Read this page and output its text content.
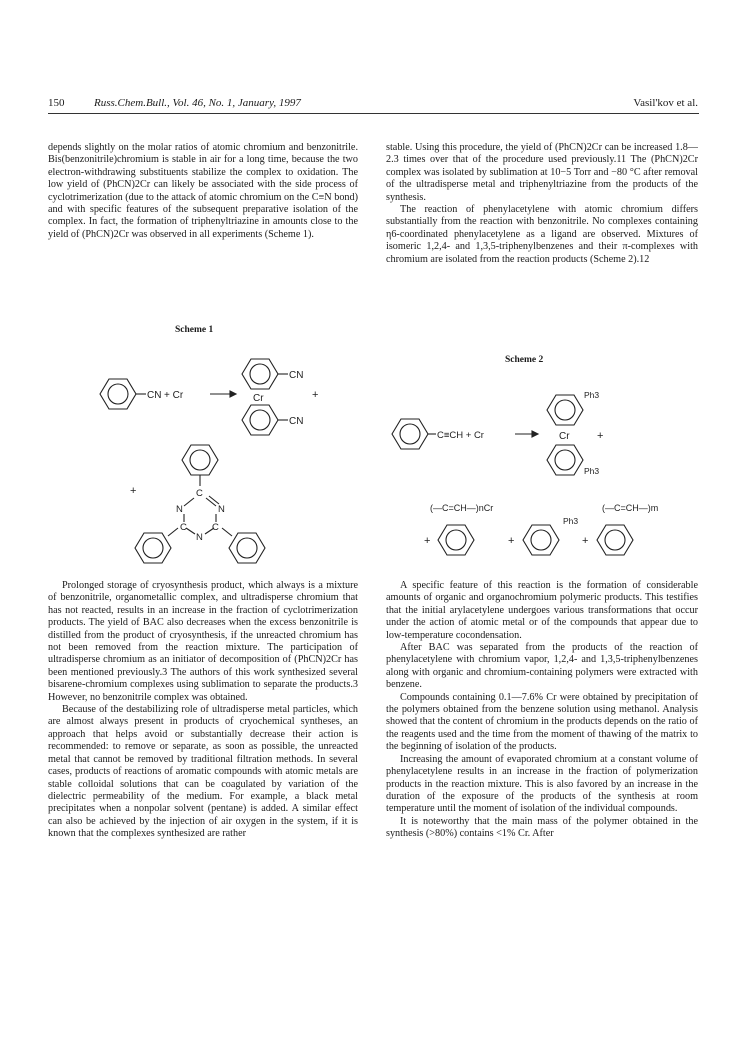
150	Russ.Chem.Bull., Vol. 46, No. 1, January, 1997	Vasil'kov et al.

depends slightly on the molar ratios of atomic chromium and benzonitrile. Bis(benzonitrile)chromium is stable in air for a long time, because the two electron-withdrawing substituents stabilize the complex to oxidation. The low yield of (PhCN)2Cr can likely be associated with the side process of cyclotrimerization (due to the attack of atomic chromium on the C≡N bond) and with specific features of the subsequent preparative isolation of the complex. In fact, the formation of triphenyltriazine in amounts close to the yield of (PhCN)2Cr was observed in all experiments (Scheme 1).

stable. Using this procedure, the yield of (PhCN)2Cr can be increased 1.8—2.3 times over that of the procedure used previously.11 The (PhCN)2Cr complex was isolated by sublimation at 10−5 Torr and −80 °C after removal of the ultradisperse metal and triphenyltriazine from the products of the synthesis.

The reaction of phenylacetylene with atomic chromium differs substantially from the reaction with benzonitrile. No complexes containing η6-coordinated phenylacetylene as a ligand are observed. Mixtures of isomeric 1,2,4- and 1,3,5-triphenylbenzenes and their π-complexes with chromium are isolated from the reaction products (Scheme 2).12

Scheme 1
CN + Cr
CN
Cr
CN
+
+	C
N	N
C	C
N
Scheme 2
C≡CH + Cr	Cr +
Ph3
Ph3
(—C=CH—)nCr	(—C=CH—)m
Ph3
+	+	+

Prolonged storage of cryosynthesis product, which always is a mixture of benzonitrile, organometallic complex, and ultradisperse chromium that has not reacted, results in an increase in the fraction of cyclotrimerization products. The yield of BAC also decreases when the excess benzonitrile is distilled from the product of cryosynthesis, if the unreacted chromium has not been removed from the reaction mixture. The participation of ultradisperse chromium as an initiator of decomposition of (PhCN)2Cr has been mentioned previously.3 The authors of this work synthesized several bisarene-chromium complexes using sublimation to separate the products.3 However, no benzonitrile complex was obtained.

Because of the destabilizing role of ultradisperse metal particles, which are almost always present in products of cryochemical syntheses, an approach that helps avoid or substantially decrease their action is recommended: to remove or separate, as soon as possible, the unreacted metal that cannot be removed by traditional filtration methods. In several cases, products of reactions of aromatic compounds with atomic metals are stable colloidal solutions that can be coagulated by variation of the dielectric permeability of the medium. For example, a black metal precipitates when a nonpolar solvent (pentane) is added. A similar effect can also be achieved by the injection of air oxygen in the system, if it is known that the complexes synthesized are rather

A specific feature of this reaction is the formation of considerable amounts of organic and organochromium polymeric products. This testifies that the initial arylacetylene undergoes various transformations that occur under the action of atomic metal or of the compounds that appear due to low-temperature cocondensation.

After BAC was separated from the products of the reaction of phenylacetylene with chromium vapor, 1,2,4- and 1,3,5-triphenylbenzenes along with organic and chromium-containing polymers were extracted with benzene.

Compounds containing 0.1—7.6% Cr were obtained by precipitation of the polymers obtained from the benzene solution using methanol. Analysis showed that the content of chromium in the products depends on the ratio of the reagents used and the time from the moment of thawing of the matrix to the beginning of isolation of the products.

Increasing the amount of evaporated chromium at a constant volume of phenylacetylene results in an increase in the fraction of polymerization products in the reaction mixture. This is also favored by an increase in the duration of the exposure of the products of the synthesis at room temperature until the moment of isolation of the individual compounds.

It is noteworthy that the main mass of the polymer obtained in the synthesis (>80%) contains <1% Cr. After
